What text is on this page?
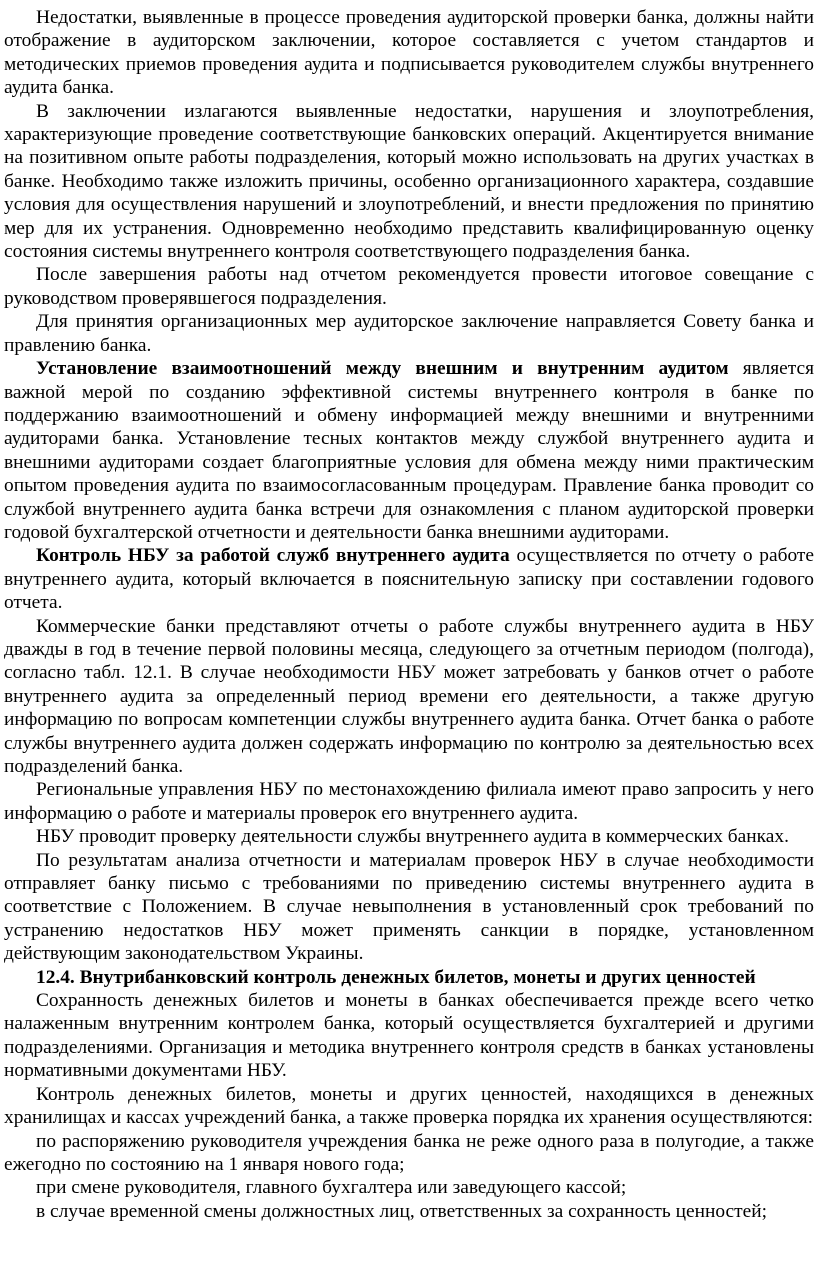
Недостатки, выявленные в процессе проведения аудиторской проверки банка, должны найти отображение в аудиторском заключении, которое составляется с учетом стандартов и методических приемов проведения аудита и подписывается руководителем службы внутреннего аудита банка.

В заключении излагаются выявленные недостатки, нарушения и злоупотребления, характеризующие проведение соответствующие банковских операций. Акцентируется внимание на позитивном опыте работы подразделения, который можно использовать на других участках в банке. Необходимо также изложить причины, особенно организационного характера, создавшие условия для осуществления нарушений и злоупотреблений, и внести предложения по принятию мер для их устранения. Одновременно необходимо представить квалифицированную оценку состояния системы внутреннего контроля соответствующего подразделения банка.

После завершения работы над отчетом рекомендуется провести итоговое совещание с руководством проверявшегося подразделения.

Для принятия организационных мер аудиторское заключение направляется Совету банка и правлению банка.

Установление взаимоотношений между внешним и внутренним аудитом является важной мерой по созданию эффективной системы внутреннего контроля в банке по поддержанию взаимоотношений и обмену информацией между внешними и внутренними аудиторами банка. Установление тесных контактов между службой внутреннего аудита и внешними аудиторами создает благоприятные условия для обмена между ними практическим опытом проведения аудита по взаимосогласованным процедурам. Правление банка проводит со службой внутреннего аудита банка встречи для ознакомления с планом аудиторской проверки годовой бухгалтерской отчетности и деятельности банка внешними аудиторами.

Контроль НБУ за работой служб внутреннего аудита осуществляется по отчету о работе внутреннего аудита, который включается в пояснительную записку при составлении годового отчета.

Коммерческие банки представляют отчеты о работе службы внутреннего аудита в НБУ дважды в год в течение первой половины месяца, следующего за отчетным периодом (полгода), согласно табл. 12.1. В случае необходимости НБУ может затребовать у банков отчет о работе внутреннего аудита за определенный период времени его деятельности, а также другую информацию по вопросам компетенции службы внутреннего аудита банка. Отчет банка о работе службы внутреннего аудита должен содержать информацию по контролю за деятельностью всех подразделений банка.

Региональные управления НБУ по местонахождению филиала имеют право запросить у него информацию о работе и материалы проверок его внутреннего аудита.

НБУ проводит проверку деятельности службы внутреннего аудита в коммерческих банках.

По результатам анализа отчетности и материалам проверок НБУ в случае необходимости отправляет банку письмо с требованиями по приведению системы внутреннего аудита в соответствие с Положением. В случае невыполнения в установленный срок требований по устранению недостатков НБУ может применять санкции в порядке, установленном действующим законодательством Украины.

12.4. Внутрибанковский контроль денежных билетов, монеты и других ценностей

Сохранность денежных билетов и монеты в банках обеспечивается прежде всего четко налаженным внутренним контролем банка, который осуществляется бухгалтерией и другими подразделениями. Организация и методика внутреннего контроля средств в банках установлены нормативными документами НБУ.

Контроль денежных билетов, монеты и других ценностей, находящихся в денежных хранилищах и кассах учреждений банка, а также проверка порядка их хранения осуществляются:

по распоряжению руководителя учреждения банка не реже одного раза в полугодие, а также ежегодно по состоянию на 1 января нового года;

при смене руководителя, главного бухгалтера или заведующего кассой;

в случае временной смены должностных лиц, ответственных за сохранность ценностей;
